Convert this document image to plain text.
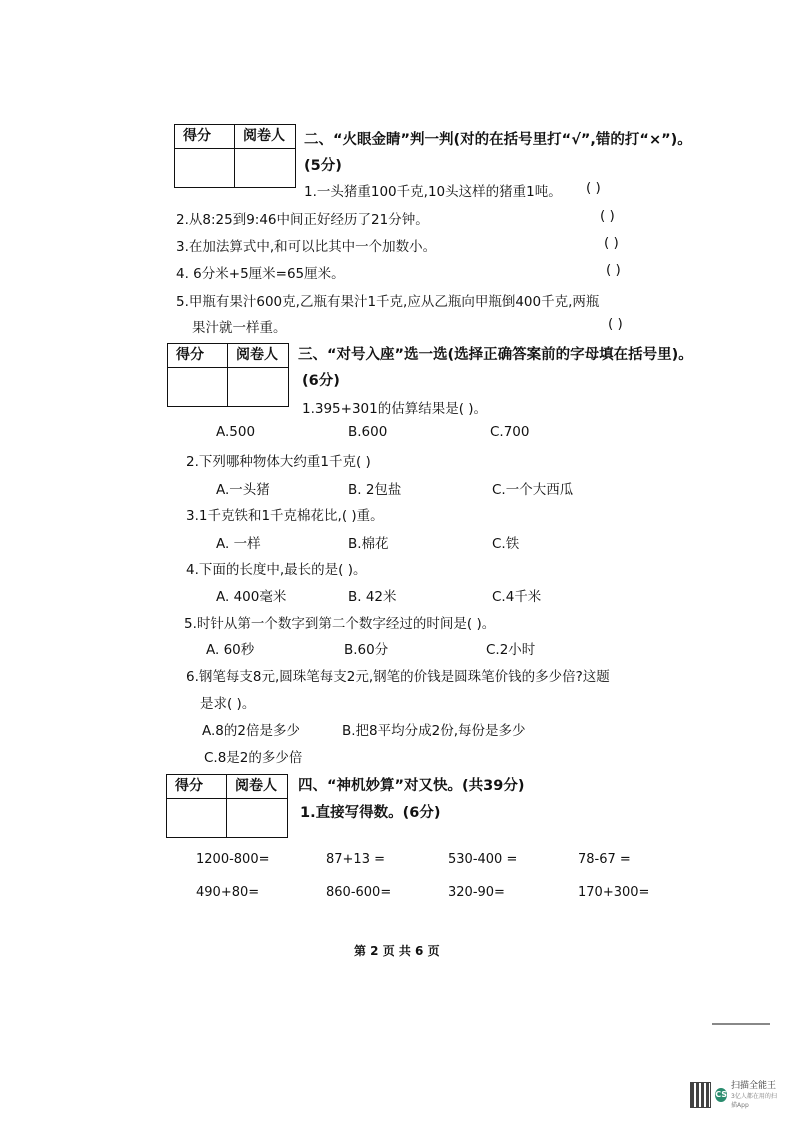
得分	阅卷人	二、“火眼金睛”判一判(对的在括号里打“√”,错的打“×”)。
(5分)
1.一头猪重100千克,10头这样的猪重1吨。 ( )
2.从8:25到9:46中间正好经历了21分钟。	( )
3.在加法算式中,和可以比其中一个加数小。	( )
4. 6分米+5厘米=65厘米。	( )
5.甲瓶有果汁600克,乙瓶有果汁1千克,应从乙瓶向甲瓶倒400千克,两瓶
果汁就一样重。	( )
得分	阅卷人	三、“对号入座”选一选(选择正确答案前的字母填在括号里)。
(6分)
1.395+301的估算结果是( )。
A.500	B.600	C.700
2.下列哪种物体大约重1千克( )
A.一头猪	B. 2包盐	C.一个大西瓜
3.1千克铁和1千克棉花比,( )重。
A. 一样	B.棉花	C.铁
4.下面的长度中,最长的是( )。
A. 400毫米	B. 42米	C.4千米
5.时针从第一个数字到第二个数字经过的时间是( )。
A. 60秒	B.60分	C.2小时
6.钢笔每支8元,圆珠笔每支2元,钢笔的价钱是圆珠笔价钱的多少倍?这题
是求( )。
A.8的2倍是多少	B.把8平均分成2份,每份是多少
C.8是2的多少倍
得分	阅卷人	四、“神机妙算”对又快。(共39分)
1.直接写得数。(6分)
1200-800=	87+13 =	530-400 =	78-67 =
490+80=	860-600=	320-90=	170+300=
第 2 页 共 6 页
CS
扫描全能王
3亿人都在用的扫描App
